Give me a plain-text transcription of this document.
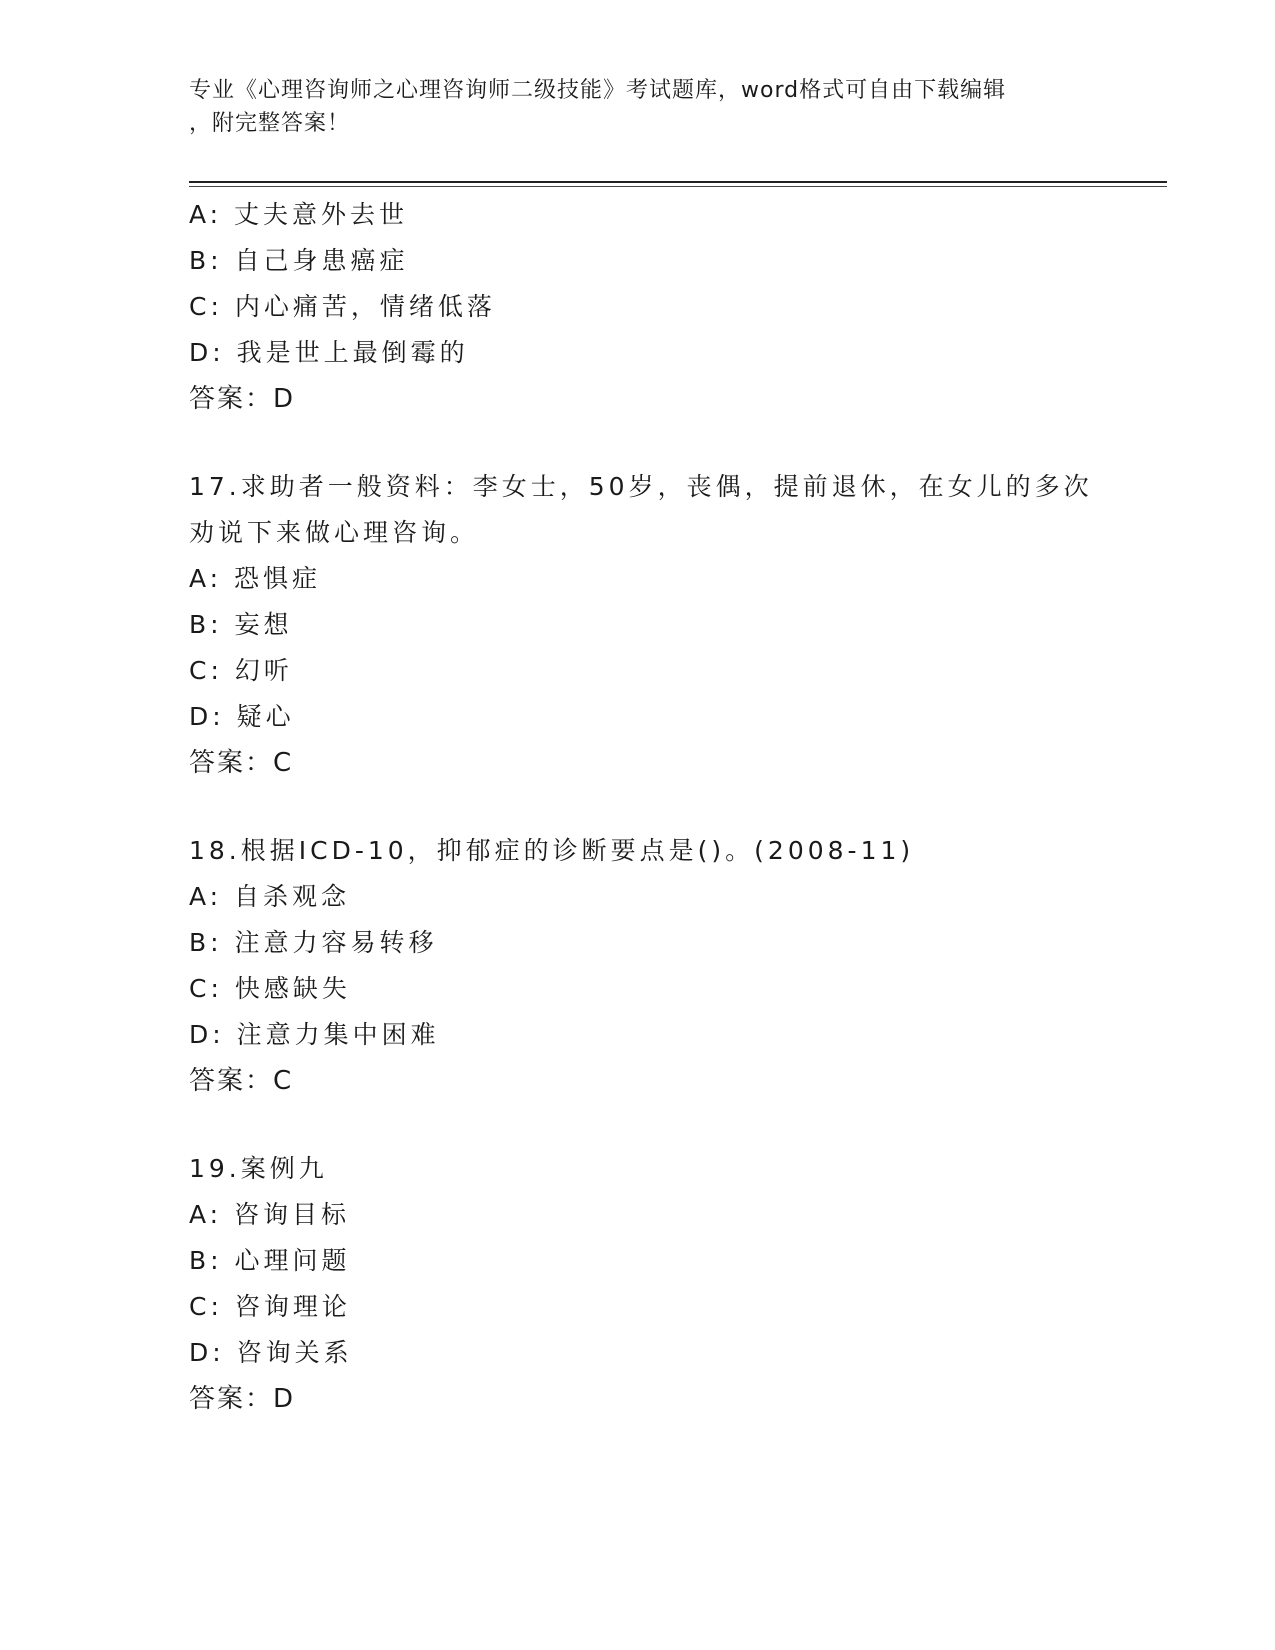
专业《心理咨询师之心理咨询师二级技能》考试题库，word格式可自由下载编辑
，附完整答案！
A: 丈夫意外去世
B: 自己身患癌症
C: 内心痛苦，情绪低落
D: 我是世上最倒霉的
答案：D
17.求助者一般资料：李女士，50岁，丧偶，提前退休，在女儿的多次
劝说下来做心理咨询。
A: 恐惧症
B: 妄想
C: 幻听
D: 疑心
答案：C
18.根据ICD-10，抑郁症的诊断要点是()。(2008-11)
A: 自杀观念
B: 注意力容易转移
C: 快感缺失
D: 注意力集中困难
答案：C
19.案例九
A: 咨询目标
B: 心理问题
C: 咨询理论
D: 咨询关系
答案：D
